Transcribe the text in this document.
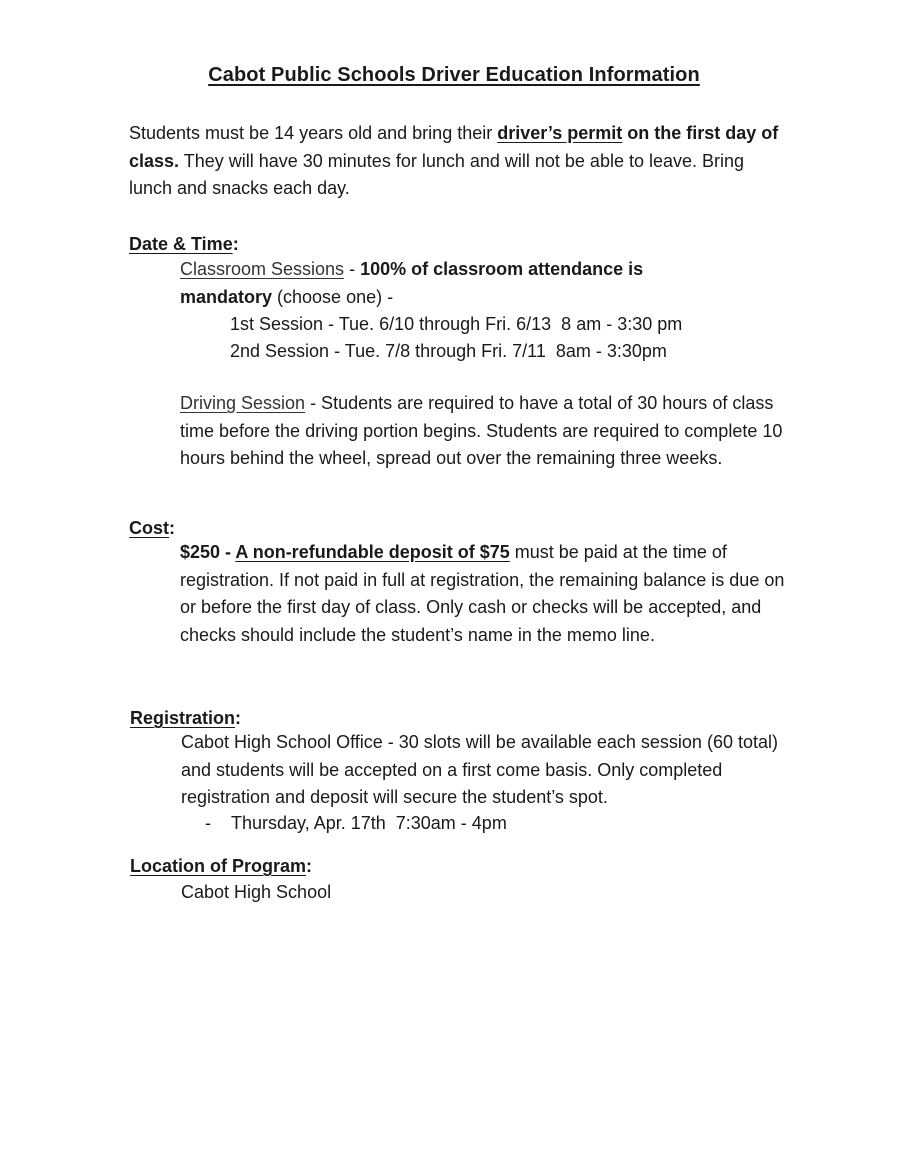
Cabot Public Schools Driver Education Information

Students must be 14 years old and bring their driver’s permit on the first day of class. They will have 30 minutes for lunch and will not be able to leave. Bring lunch and snacks each day.

Date & Time:

Classroom Sessions - 100% of classroom attendance is mandatory (choose one) -

1st Session - Tue. 6/10 through Fri. 6/13  8 am - 3:30 pm
2nd Session - Tue. 7/8 through Fri. 7/11  8am - 3:30pm

Driving Session - Students are required to have a total of 30 hours of class time before the driving portion begins. Students are required to complete 10 hours behind the wheel, spread out over the remaining three weeks.

Cost:

$250 - A non-refundable deposit of $75 must be paid at the time of registration. If not paid in full at registration, the remaining balance is due on or before the first day of class. Only cash or checks will be accepted, and checks should include the student’s name in the memo line.

Registration:

Cabot High School Office - 30 slots will be available each session (60 total) and students will be accepted on a first come basis. Only completed registration and deposit will secure the student’s spot.

- Thursday, Apr. 17th  7:30am - 4pm
Location of Program:
Cabot High School
